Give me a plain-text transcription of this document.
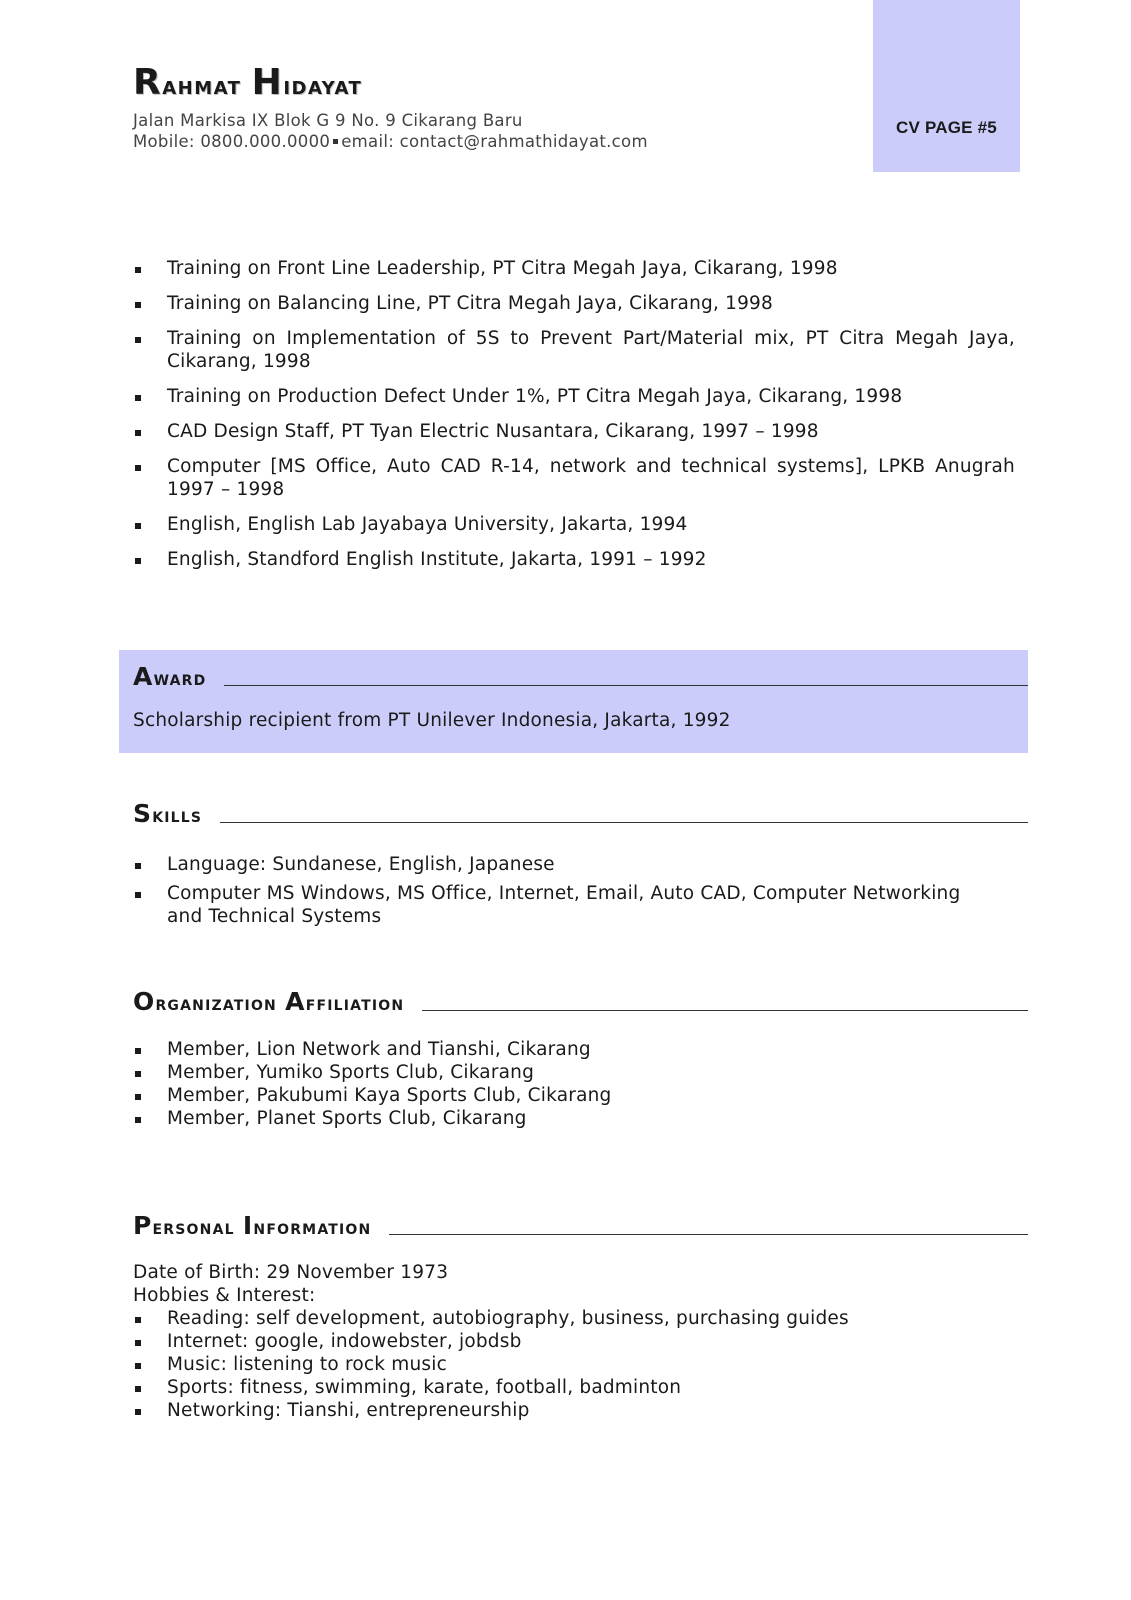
CV PAGE #5
Rahmat Hidayat
Jalan Markisa IX Blok G 9 No. 9 Cikarang Baru
Mobile: 0800.000.0000 email: contact@rahmathidayat.com
Training on Front Line Leadership, PT Citra Megah Jaya, Cikarang, 1998
Training on Balancing Line, PT Citra Megah Jaya, Cikarang, 1998
Training on Implementation of 5S to Prevent Part/Material mix, PT Citra Megah Jaya, Cikarang, 1998
Training on Production Defect Under 1%, PT Citra Megah Jaya, Cikarang, 1998
CAD Design Staff, PT Tyan Electric Nusantara, Cikarang, 1997 – 1998
Computer [MS Office, Auto CAD R-14, network and technical systems], LPKB Anugrah 1997 – 1998
English, English Lab Jayabaya University, Jakarta, 1994
English, Standford English Institute, Jakarta, 1991 – 1992
Award
Scholarship recipient from PT Unilever Indonesia, Jakarta, 1992
Skills
Language: Sundanese, English, Japanese
Computer MS Windows, MS Office, Internet, Email, Auto CAD, Computer Networking and Technical Systems
Organization Affiliation
Member, Lion Network and Tianshi, Cikarang
Member, Yumiko Sports Club, Cikarang
Member, Pakubumi Kaya Sports Club, Cikarang
Member, Planet Sports Club, Cikarang
Personal Information
Date of Birth: 29 November 1973
Hobbies & Interest:
Reading: self development, autobiography, business, purchasing guides
Internet: google, indowebster, jobdsb
Music: listening to rock music
Sports: fitness, swimming, karate, football, badminton
Networking: Tianshi, entrepreneurship
